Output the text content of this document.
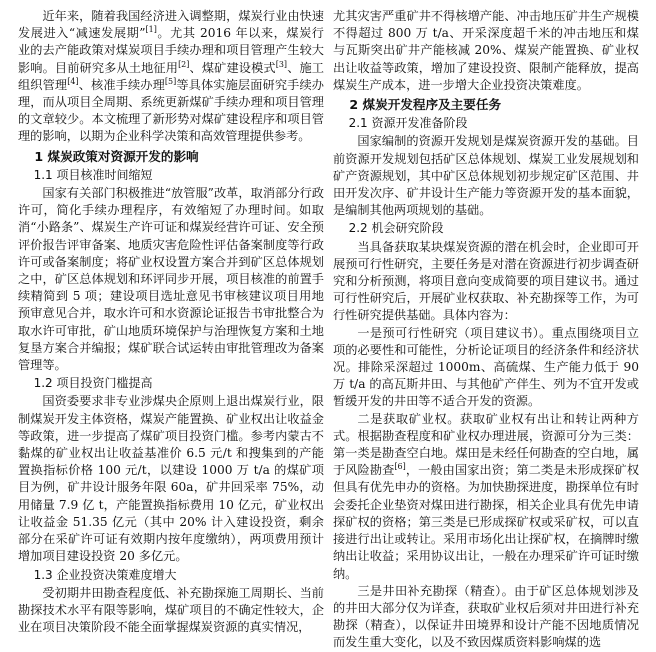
近年来，随着我国经济进入调整期，煤炭行业由快速发展进入“减速发展期”[1]。尤其 2016 年以来，煤炭行业的去产能政策对煤炭项目手续办理和项目管理产生较大影响。目前研究多从土地征用[2]、煤矿建设模式[3]、施工组织管理[4]、核准手续办理[5]等具体实施层面研究手续办理，而从项目全周期、系统更新煤矿手续办理和项目管理的文章较少。本文梳理了新形势对煤矿建设程序和项目管理的影响，以期为企业科学决策和高效管理提供参考。

1 煤炭政策对资源开发的影响

1.1 项目核准时间缩短

国家有关部门积极推进“放管服”改革，取消部分行政许可，简化手续办理程序，有效缩短了办理时间。如取消“小路条”、煤炭生产许可证和煤炭经营许可证、安全预评价报告评审备案、地质灾害危险性评估备案制度等行政许可或备案制度；将矿业权设置方案合并到矿区总体规划之中，矿区总体规划和环评同步开展，项目核准的前置手续精简到 5 项；建设项目选址意见书审核建议项目用地预审意见合并，取水许可和水资源论证报告书审批整合为取水许可审批，矿山地质环境保护与治理恢复方案和土地复垦方案合并编报；煤矿联合试运转由审批管理改为备案管理等。

1.2 项目投资门槛提高

国资委要求非专业涉煤央企原则上退出煤炭行业，限制煤炭开发主体资格，煤炭产能置换、矿业权出让收益金等政策，进一步提高了煤矿项目投资门槛。参考内蒙古不黏煤的矿业权出让收益基准价 6.5 元/t 和搜集到的产能置换指标价格 100 元/t，以建设 1000 万 t/a 的煤矿项目为例，矿井设计服务年限 60a，矿井回采率 75%，动用储量 7.9 亿 t，产能置换指标费用 10 亿元，矿业权出让收益金 51.35 亿元（其中 20% 计入建设投资，剩余部分在采矿许可证有效期内按年度缴纳），两项费用预计增加项目建设投资 20 多亿元。

1.3 企业投资决策难度增大

受初期井田勘查程度低、补充勘探施工周期长、当前勘探技术水平有限等影响，煤矿项目的不确定性较大，企业在项目决策阶段不能全面掌握煤炭资源的真实情况，

尤其灾害严重矿井不得核增产能、冲击地压矿井生产规模不得超过 800 万 t/a、开采深度超千米的冲击地压和煤与瓦斯突出矿井产能核减 20%、煤炭产能置换、矿业权出让收益等政策，增加了建设投资、限制产能释放，提高煤炭生产成本，进一步增大企业投资决策难度。

2 煤炭开发程序及主要任务

2.1 资源开发准备阶段

国家编制的资源开发规划是煤炭资源开发的基础。目前资源开发规划包括矿区总体规划、煤炭工业发展规划和矿产资源规划，其中矿区总体规划初步规定矿区范围、井田开发次序、矿井设计生产能力等资源开发的基本面貌，是编制其他两项规划的基础。

2.2 机会研究阶段

当具备获取某块煤炭资源的潜在机会时，企业即可开展预可行性研究，主要任务是对潜在资源进行初步调查研究和分析预测，将项目意向变成简要的项目建议书。通过可行性研究后，开展矿业权获取、补充勘探等工作，为可行性研究提供基础。具体内容为：

一是预可行性研究（项目建议书）。重点围绕项目立项的必要性和可能性，分析论证项目的经济条件和经济状况。排除采深超过 1000m、高硫煤、生产能力低于 90 万 t/a 的高瓦斯井田、与其他矿产伴生、列为不宜开发或暂缓开发的井田等不适合开发的资源。

二是获取矿业权。获取矿业权有出让和转让两种方式。根据勘查程度和矿业权办理进展，资源可分为三类：第一类是勘查空白地。煤田是未经任何勘查的空白地，属于风险勘查[6]，一般由国家出资；第二类是未形成探矿权但具有优先申办的资格。为加快勘探进度，勘探单位有时会委托企业垫资对煤田进行勘探，相关企业具有优先申请探矿权的资格；第三类是已形成探矿权或采矿权，可以直接进行出让或转让。采用市场化出让探矿权，在摘牌时缴纳出让收益；采用协议出让，一般在办理采矿许可证时缴纳。

三是井田补充勘探（精查）。由于矿区总体规划涉及的井田大部分仅为详查，获取矿业权后须对井田进行补充勘探（精查），以保证井田境界和设计产能不因地质情况而发生重大变化，以及不致因煤质资料影响煤的选
